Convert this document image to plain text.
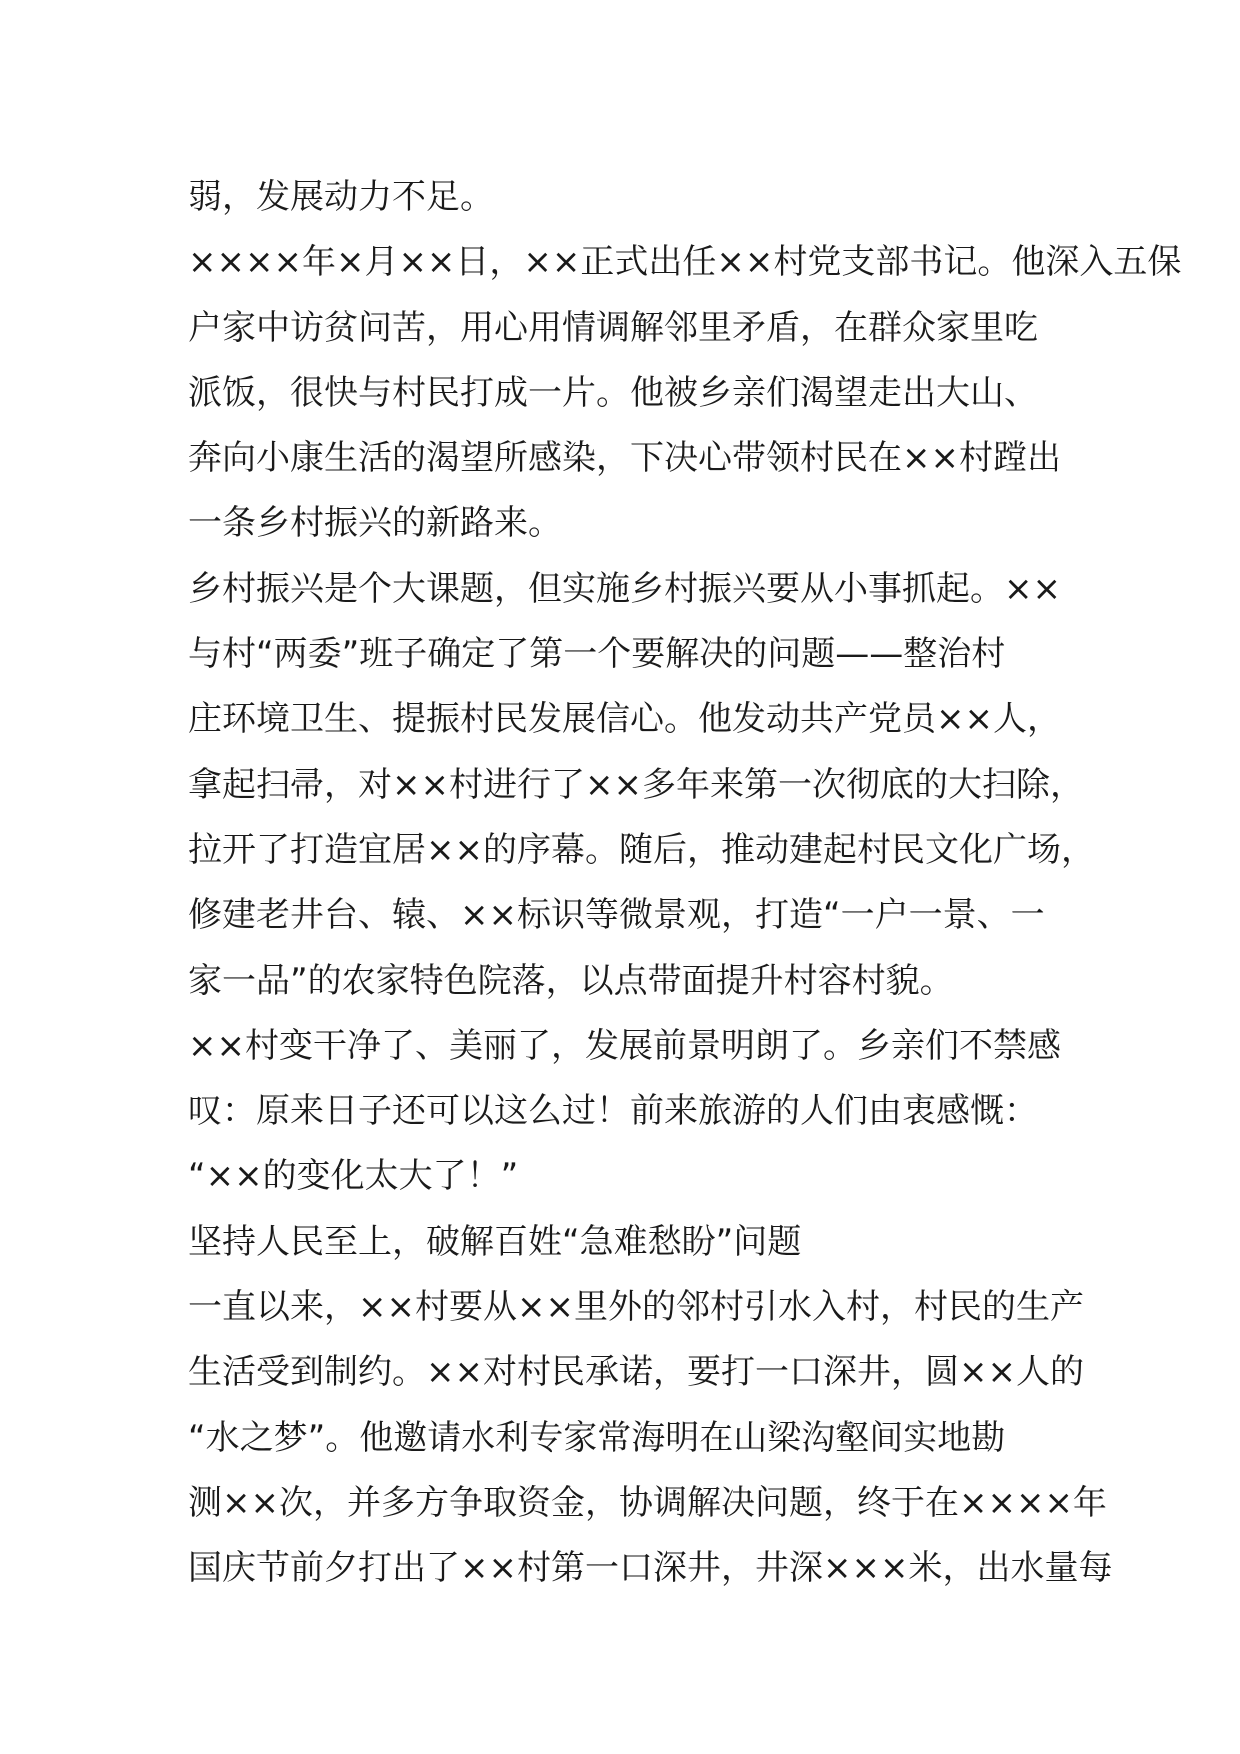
弱，发展动力不足。

××××年×月××日，××正式出任××村党支部书记。他深入五保

户家中访贫问苦，用心用情调解邻里矛盾，在群众家里吃

派饭，很快与村民打成一片。他被乡亲们渴望走出大山、

奔向小康生活的渴望所感染，下决心带领村民在××村蹚出

一条乡村振兴的新路来。

乡村振兴是个大课题，但实施乡村振兴要从小事抓起。××

与村“两委”班子确定了第一个要解决的问题——整治村

庄环境卫生、提振村民发展信心。他发动共产党员××人，

拿起扫帚，对××村进行了××多年来第一次彻底的大扫除，

拉开了打造宜居××的序幕。随后，推动建起村民文化广场，

修建老井台、辕、××标识等微景观，打造“一户一景、一

家一品”的农家特色院落，以点带面提升村容村貌。

××村变干净了、美丽了，发展前景明朗了。乡亲们不禁感

叹：原来日子还可以这么过！前来旅游的人们由衷感慨：

“××的变化太大了！”

坚持人民至上，破解百姓“急难愁盼”问题

一直以来，××村要从××里外的邻村引水入村，村民的生产

生活受到制约。××对村民承诺，要打一口深井，圆××人的

“水之梦”。他邀请水利专家常海明在山梁沟壑间实地勘

测××次，并多方争取资金，协调解决问题，终于在××××年

国庆节前夕打出了××村第一口深井，井深×××米，出水量每
